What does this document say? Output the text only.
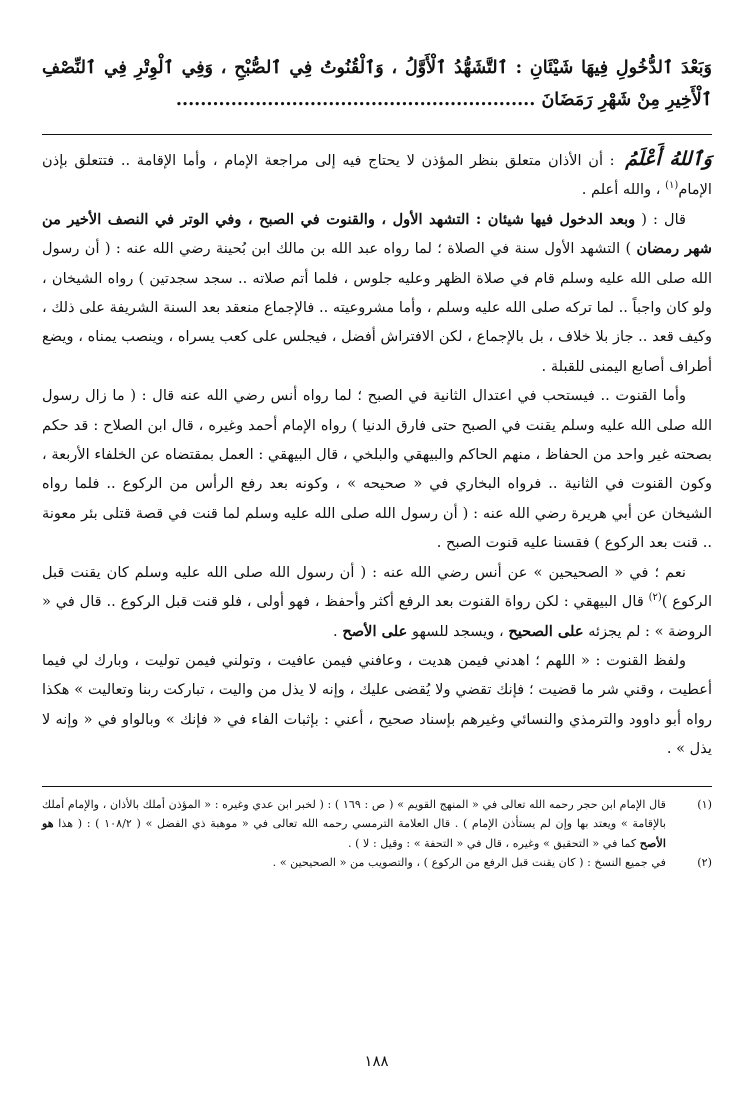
وَبَعْدَ ٱلدُّخُولِ فِيهَا شَيْئَانِ : ٱلتَّشَهُّدُ ٱلْأَوَّلُ ، وَٱلْقُنُوتُ فِي ٱلصُّبْحِ ، وَفِي ٱلْوِتْرِ فِي ٱلنِّصْفِ ٱلْأَخِيرِ مِنْ شَهْرِ رَمَضَانَ ...........................................................

وَٱللهُ أَعْلَمُ : أن الأذان متعلق بنظر المؤذن لا يحتاج فيه إلى مراجعة الإمام ، وأما الإقامة .. فتتعلق بإذن الإمام$^{(١)}$ ، والله أعلم .

قال : ( وبعد الدخول فيها شيئان : التشهد الأول ، والقنوت في الصبح ، وفي الوتر في النصف الأخير من شهر رمضان ) التشهد الأول سنة في الصلاة ؛ لما رواه عبد الله بن مالك ابن بُحينة رضي الله عنه : ( أن رسول الله صلى الله عليه وسلم قام في صلاة الظهر وعليه جلوس ، فلما أتم صلاته .. سجد سجدتين ) رواه الشيخان ، ولو كان واجباً .. لما تركه صلى الله عليه وسلم ، وأما مشروعيته .. فالإجماع منعقد بعد السنة الشريفة على ذلك ، وكيف قعد .. جاز بلا خلاف ، بل بالإجماع ، لكن الافتراش أفضل ، فيجلس على كعب يسراه ، وينصب يمناه ، ويضع أطراف أصابع اليمنى للقبلة .

وأما القنوت .. فيستحب في اعتدال الثانية في الصبح ؛ لما رواه أنس رضي الله عنه قال : ( ما زال رسول الله صلى الله عليه وسلم يقنت في الصبح حتى فارق الدنيا ) رواه الإمام أحمد وغيره ، قال ابن الصلاح : قد حكم بصحته غير واحد من الحفاظ ، منهم الحاكم والبيهقي والبلخي ، قال البيهقي : العمل بمقتضاه عن الخلفاء الأربعة ، وكون القنوت في الثانية .. فرواه البخاري في « صحيحه » ، وكونه بعد رفع الرأس من الركوع .. فلما رواه الشيخان عن أبي هريرة رضي الله عنه : ( أن رسول الله صلى الله عليه وسلم لما قنت في قصة قتلى بئر معونة .. قنت بعد الركوع ) فقسنا عليه قنوت الصبح .

نعم ؛ في « الصحيحين » عن أنس رضي الله عنه : ( أن رسول الله صلى الله عليه وسلم كان يقنت قبل الركوع )$^{(٢)}$ قال البيهقي : لكن رواة القنوت بعد الرفع أكثر وأحفظ ، فهو أولى ، فلو قنت قبل الركوع .. قال في « الروضة » : لم يجزئه على الصحيح ، ويسجد للسهو على الأصح .

ولفظ القنوت : « اللهم ؛ اهدني فيمن هديت ، وعافني فيمن عافيت ، وتولني فيمن توليت ، وبارك لي فيما أعطيت ، وقني شر ما قضيت ؛ فإنك تقضي ولا يُقضى عليك ، وإنه لا يذل من واليت ، تباركت ربنا وتعاليت » هكذا رواه أبو داوود والترمذي والنسائي وغيرهم بإسناد صحيح ، أعني : بإثبات الفاء في « فإنك » وبالواو في « وإنه لا يذل » .

(١)
قال الإمام ابن حجر رحمه الله تعالى في « المنهج القويم » ( ص : ١٦٩ ) : ( لخبر ابن عدي وغيره : « المؤذن أملك بالأذان ، والإمام أملك بالإقامة » ويعتد بها وإن لم يستأذن الإمام ) . قال العلامة الترمسي رحمه الله تعالى في « موهبة ذي الفضل » ( ١٠٨/٢ ) : ( هذا هو الأصح كما في « التحقيق » وغيره ، قال في « التحفة » : وقيل : لا ) .
(٢)
في جميع النسخ : ( كان يقنت قبل الرفع من الركوع ) ، والتصويب من « الصحيحين » .
١٨٨
